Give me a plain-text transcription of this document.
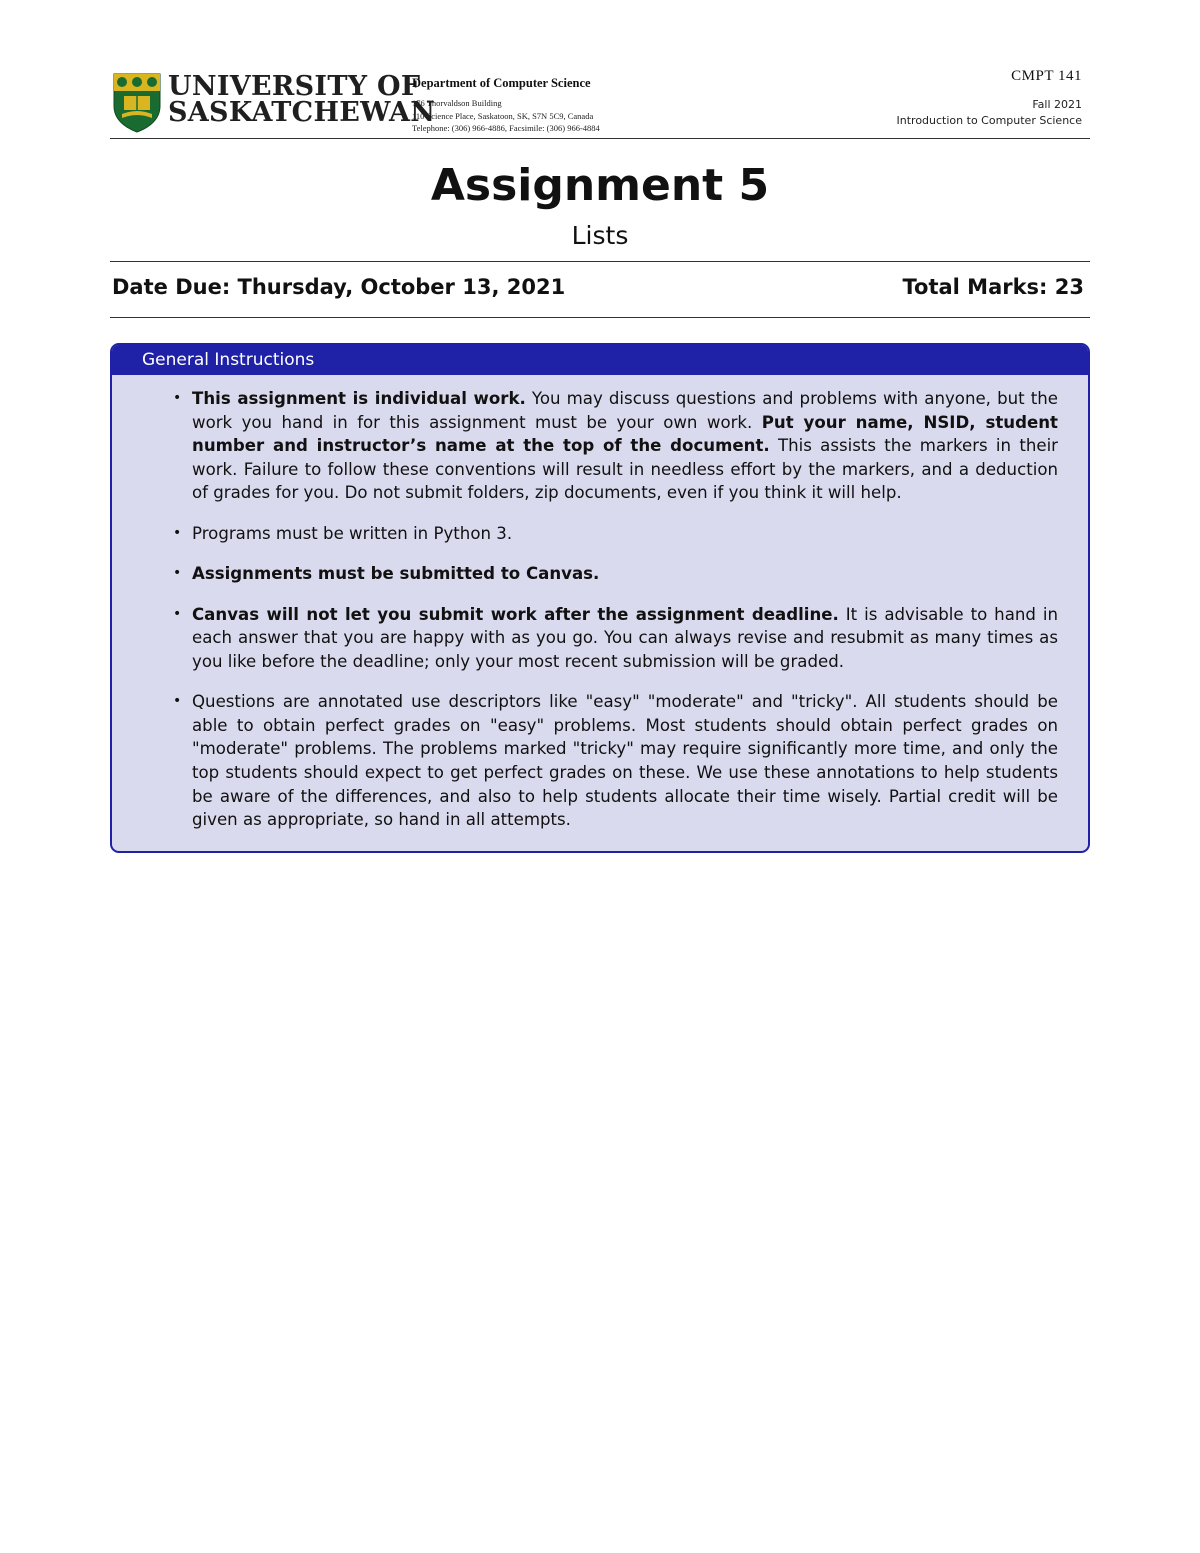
UNIVERSITY OF
SASKATCHEWAN
Department of Computer Science
176 Thorvaldson Building
110 Science Place, Saskatoon, SK, S7N 5C9, Canada
Telephone: (306) 966-4886, Facsimile: (306) 966-4884
CMPT 141
Fall 2021
Introduction to Computer Science
Assignment 5
Lists
Date Due: Thursday, October 13, 2021	Total Marks: 23
General Instructions
• This assignment is individual work. You may discuss questions and problems with anyone, but the work you hand in for this assignment must be your own work. Put your name, NSID, student number and instructor’s name at the top of the document. This assists the markers in their work. Failure to follow these conventions will result in needless effort by the markers, and a deduction of grades for you. Do not submit folders, zip documents, even if you think it will help.
• Programs must be written in Python 3.
• Assignments must be submitted to Canvas.
• Canvas will not let you submit work after the assignment deadline. It is advisable to hand in each answer that you are happy with as you go. You can always revise and resubmit as many times as you like before the deadline; only your most recent submission will be graded.
• Questions are annotated use descriptors like "easy" "moderate" and "tricky". All students should be able to obtain perfect grades on "easy" problems. Most students should obtain perfect grades on "moderate" problems. The problems marked "tricky" may require significantly more time, and only the top students should expect to get perfect grades on these. We use these annotations to help students be aware of the differences, and also to help students allocate their time wisely. Partial credit will be given as appropriate, so hand in all attempts.
